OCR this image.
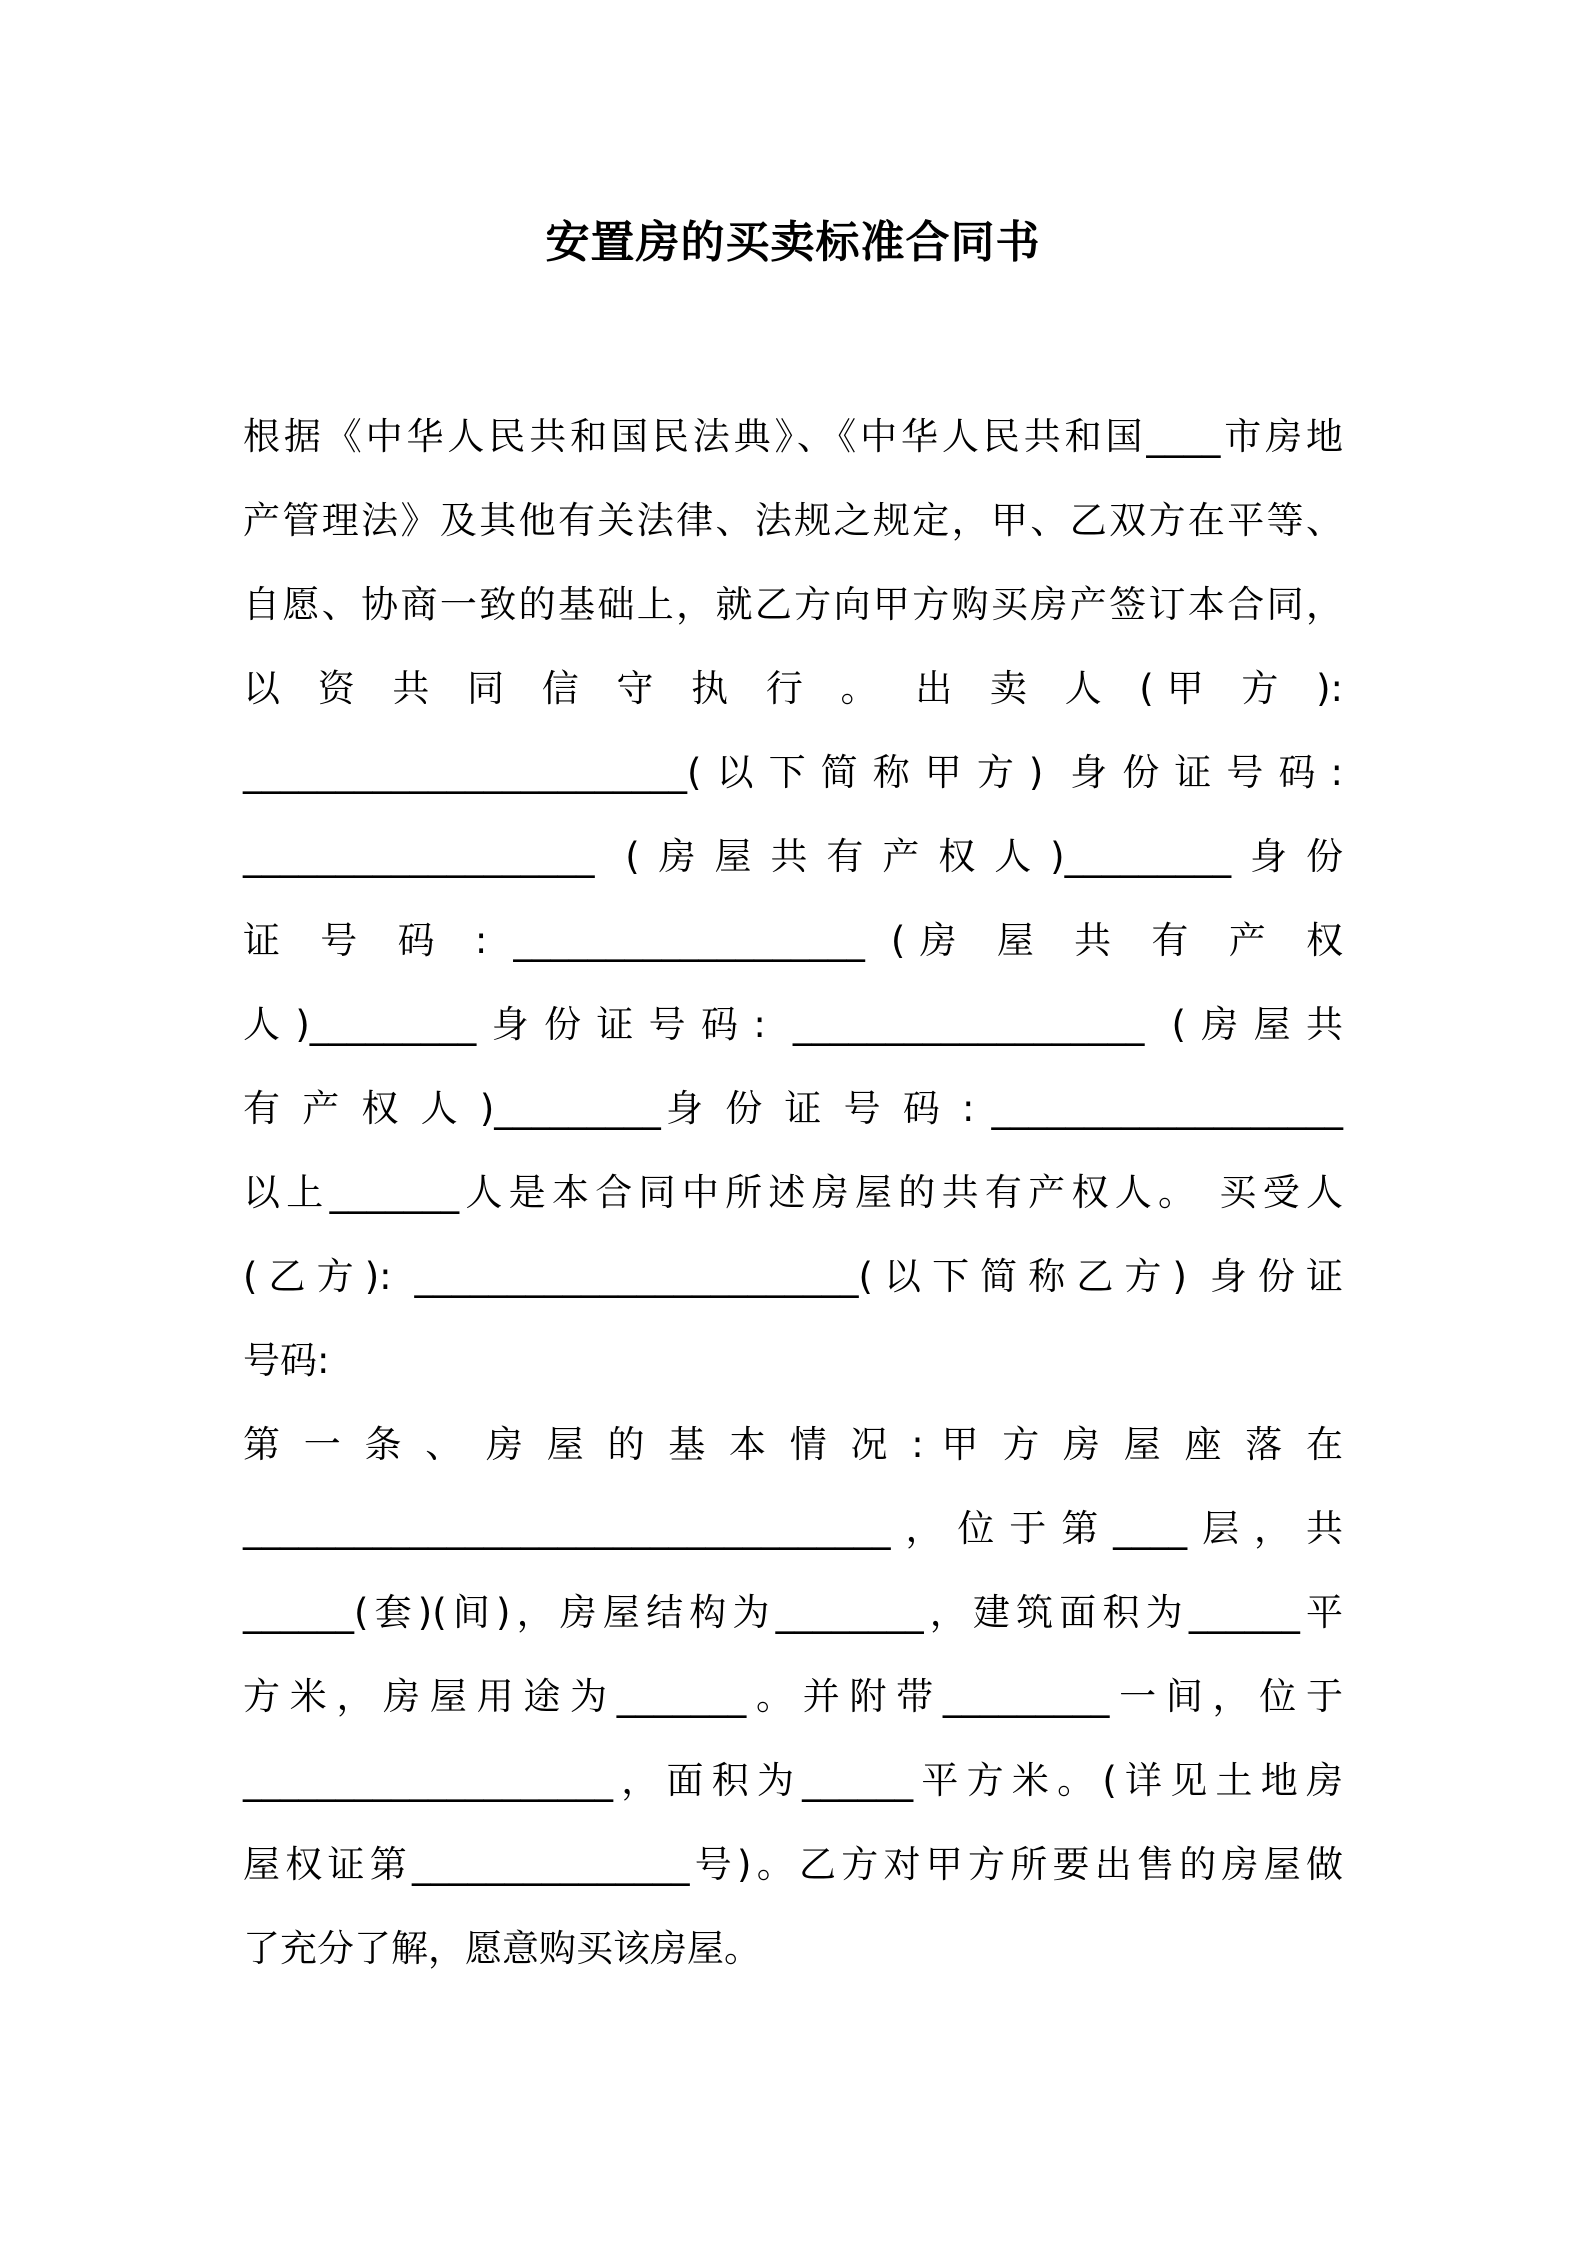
安置房的买卖标准合同书
根据《中华人民共和国民法典》、《中华人民共和国____市房地
产管理法》及其他有关法律、法规之规定，甲、乙双方在平等、
自愿、协商一致的基础上，就乙方向甲方购买房产签订本合同，
以 资 共 同 信 守 执 行 。 出 卖 人 (甲 方 ):
________________________(以下简称甲方) 身份证号码:
___________________ (房屋共有产权人)_________身份
证 号 码 : ___________________ (房 屋 共 有 产 权
人)_________身份证号码: ___________________ (房屋共
有 产 权 人 )_________身 份 证 号 码 : ___________________
以上_______人是本合同中所述房屋的共有产权人。 买受人
(乙方): ________________________(以下简称乙方) 身份证
号码:
第 一 条 、 房 屋 的 基 本 情 况 : 甲 方 房 屋 座 落 在
___________________________________，位于第____层，共
______(套)(间)，房屋结构为________，建筑面积为______平
方米，房屋用途为_______。并附带_________一间，位于
____________________，面积为______平方米。(详见土地房
屋权证第_______________号)。乙方对甲方所要出售的房屋做
了充分了解，愿意购买该房屋。
